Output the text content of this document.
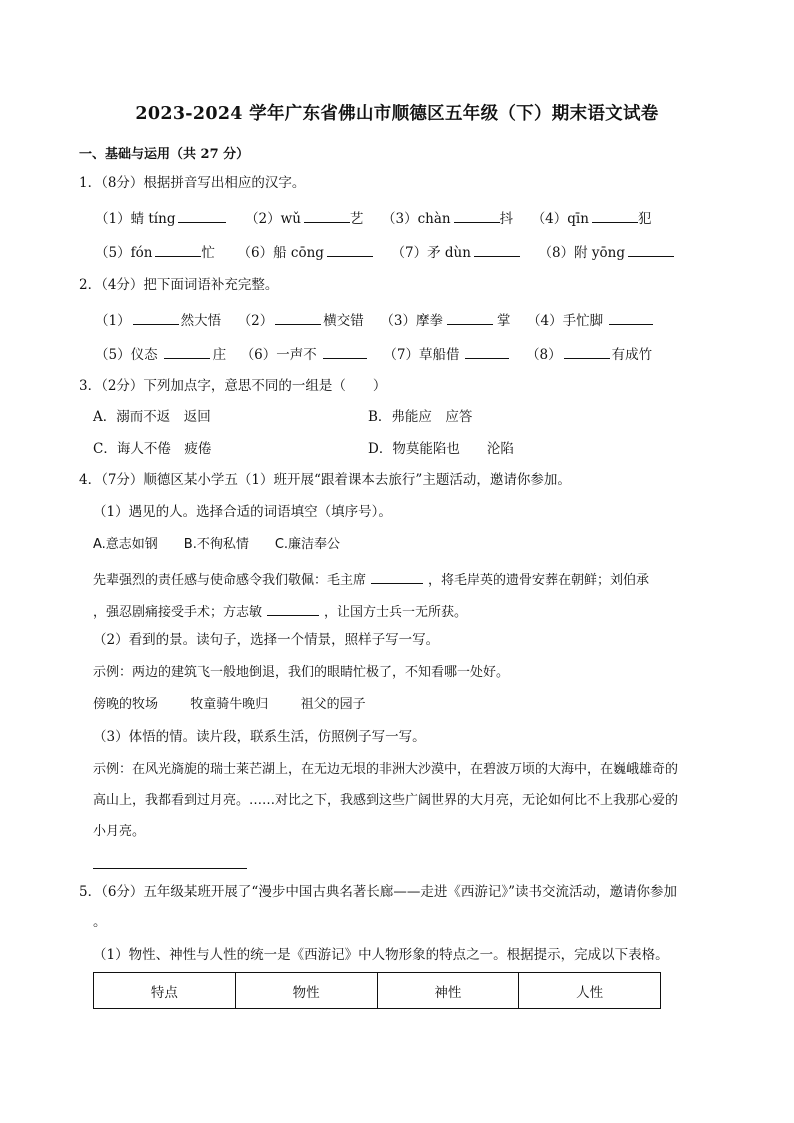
2023-2024 学年广东省佛山市顺德区五年级（下）期末语文试卷
一、基础与运用（共 27 分）
1．（8分）根据拼音写出相应的汉字。
（1）蜻 tíng	（2）wǔ	艺 （3）chàn	抖 （4）qīn	犯
（5）fón	忙 （6）船 cōng	（7）矛 dùn	（8）附 yōng
2．（4分）把下面词语补充完整。
（1）	然大悟 （2）	横交错 （3）摩拳	掌 （4）手忙脚
（5）仪态	庄 （6）一声不	（7）草船借	（8）	有成竹
3．（2分）下列加点字，意思不同的一组是（　　）
A．溺而不返　返回	B．弗能应　应答
C．诲人不倦　疲倦	D．物莫能陷也　　沦陷
4．（7分）顺德区某小学五（1）班开展“跟着课本去旅行”主题活动，邀请你参加。
（1）遇见的人。选择合适的词语填空（填序号）。
A.意志如钢　　B.不徇私情　　C.廉洁奉公
先辈强烈的责任感与使命感令我们敬佩：毛主席	，将毛岸英的遗骨安葬在朝鲜；刘伯承
，强忍剧痛接受手术；方志敏	，让国方士兵一无所获。
（2）看到的景。读句子，选择一个情景，照样子写一写。
示例：两边的建筑飞一般地倒退，我们的眼睛忙极了，不知看哪一处好。
傍晚的牧场 牧童骑牛晚归 祖父的园子
（3）体悟的情。读片段，联系生活，仿照例子写一写。
示例：在风光旖旎的瑞士莱芒湖上，在无边无垠的非洲大沙漠中，在碧波万顷的大海中，在巍峨雄奇的
高山上，我都看到过月亮。……对比之下，我感到这些广阔世界的大月亮，无论如何比不上我那心爱的
小月亮。
5．（6分）五年级某班开展了“漫步中国古典名著长廊——走进《西游记》”读书交流活动，邀请你参加
。
（1）物性、神性与人性的统一是《西游记》中人物形象的特点之一。根据提示，完成以下表格。
特点	物性	神性	人性
